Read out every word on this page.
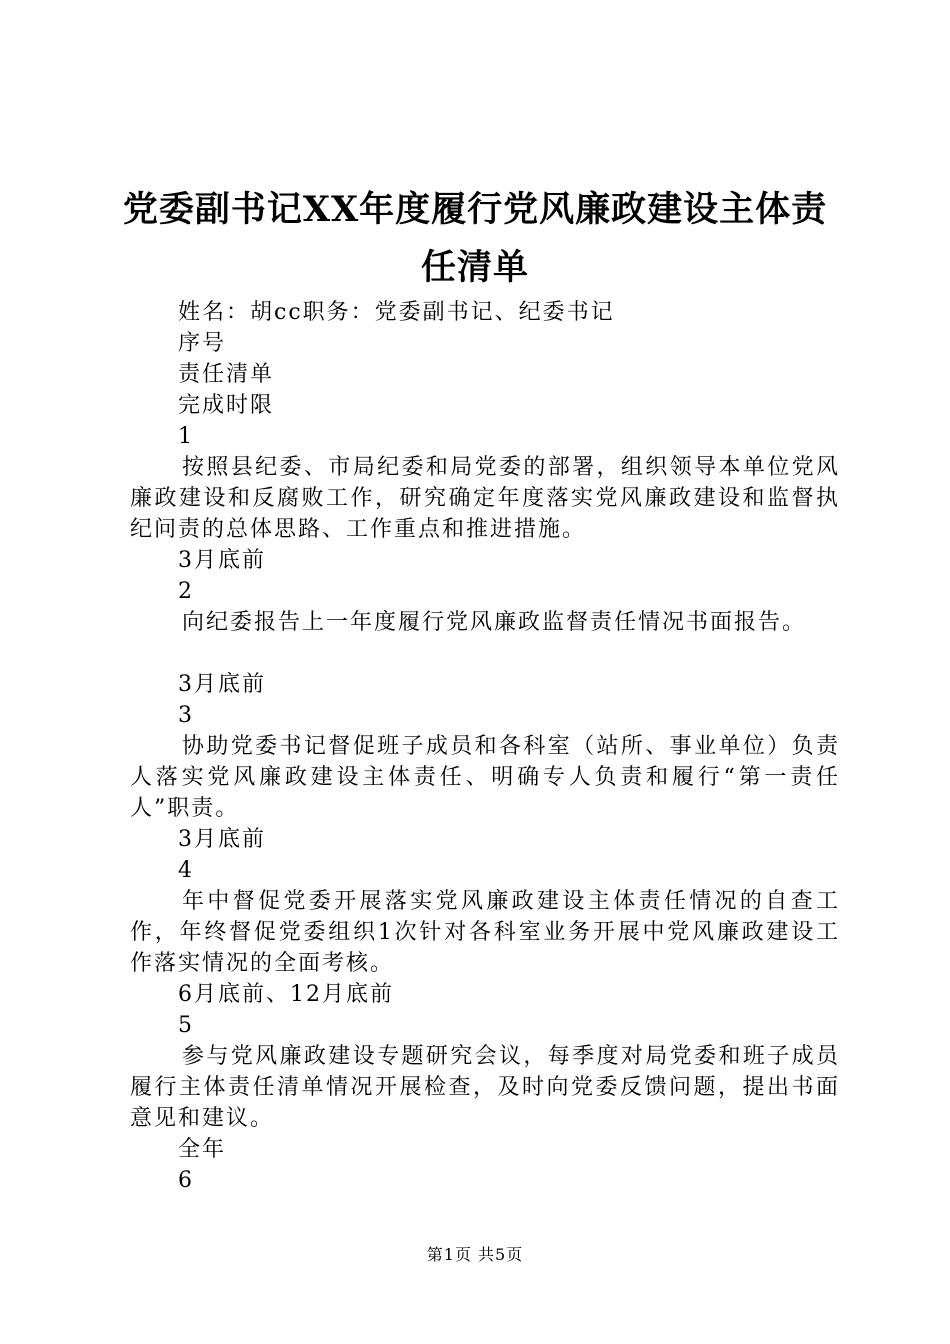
党委副书记XX年度履行党风廉政建设主体责
任清单
姓名：胡cc职务：党委副书记、纪委书记
序号
责任清单
完成时限
1

按照县纪委、市局纪委和局党委的部署，组织领导本单位党风廉政建设和反腐败工作，研究确定年度落实党风廉政建设和监督执纪问责的总体思路、工作重点和推进措施。

3月底前
2

向纪委报告上一年度履行党风廉政监督责任情况书面报告。

3月底前
3

协助党委书记督促班子成员和各科室（站所、事业单位）负责人落实党风廉政建设主体责任、明确专人负责和履行“第一责任人”职责。

3月底前
4

年中督促党委开展落实党风廉政建设主体责任情况的自查工作，年终督促党委组织1次针对各科室业务开展中党风廉政建设工作落实情况的全面考核。

6月底前、12月底前
5

参与党风廉政建设专题研究会议，每季度对局党委和班子成员履行主体责任清单情况开展检查，及时向党委反馈问题，提出书面意见和建议。

全年
6
第1页 共5页
